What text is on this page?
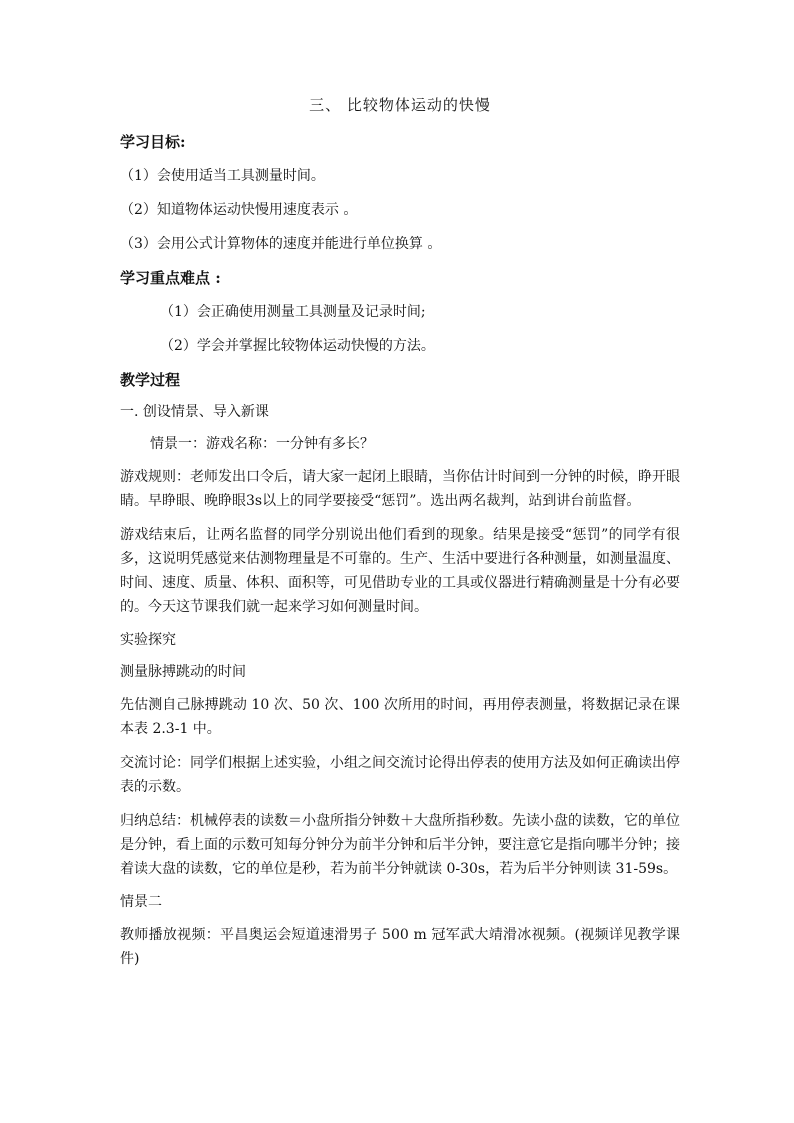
三、 比较物体运动的快慢
学习目标:
（1）会使用适当工具测量时间。
（2）知道物体运动快慢用速度表示 。
（3）会用公式计算物体的速度并能进行单位换算 。
学习重点难点 :
（1）会正确使用测量工具测量及记录时间;
（2）学会并掌握比较物体运动快慢的方法。
教学过程
一. 创设情景、导入新课
情景一：游戏名称：一分钟有多长？
游戏规则：老师发出口令后，请大家一起闭上眼睛，当你估计时间到一分钟的时候，睁开眼睛。早睁眼、晚睁眼3s以上的同学要接受“惩罚”。选出两名裁判，站到讲台前监督。
游戏结束后，让两名监督的同学分别说出他们看到的现象。结果是接受“惩罚”的同学有很多，这说明凭感觉来估测物理量是不可靠的。生产、生活中要进行各种测量，如测量温度、时间、速度、质量、体积、面积等，可见借助专业的工具或仪器进行精确测量是十分有必要的。今天这节课我们就一起来学习如何测量时间。
实验探究
测量脉搏跳动的时间
先估测自己脉搏跳动 10 次、50 次、100 次所用的时间，再用停表测量，将数据记录在课本表 2.3-1 中。
交流讨论：同学们根据上述实验，小组之间交流讨论得出停表的使用方法及如何正确读出停表的示数。
归纳总结：机械停表的读数＝小盘所指分钟数＋大盘所指秒数。先读小盘的读数，它的单位是分钟，看上面的示数可知每分钟分为前半分钟和后半分钟，要注意它是指向哪半分钟；接着读大盘的读数，它的单位是秒，若为前半分钟就读 0-30s，若为后半分钟则读 31-59s。
情景二
教师播放视频：平昌奥运会短道速滑男子 500 m 冠军武大靖滑冰视频。(视频详见教学课件)
